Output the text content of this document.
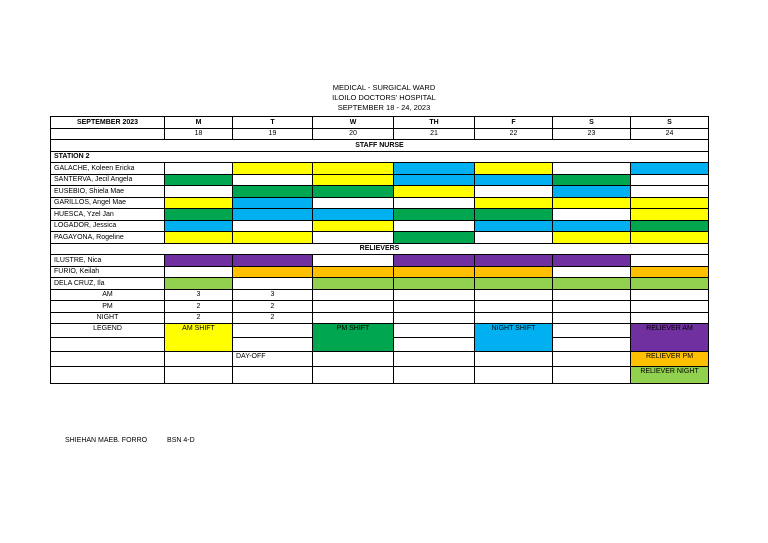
MEDICAL - SURGICAL WARD
ILOILO DOCTORS' HOSPITAL
SEPTEMBER 18 - 24, 2023
SEPTEMBER 2023	M	T	W	TH	F	S	S
	18	19	20	21	22	23	24
STAFF NURSE							
STATION 2							
GALACHE, Koleen Ericka							
SANTERVA, Jecil Angela							
EUSEBIO, Shiela Mae							
GARILLOS, Angel Mae							
HUESCA, Yzel Jan							
LOGADOR, Jessica							
PAGAYONA, Rogeline							
RELIEVERS							
ILUSTRE, Nica							
FURIO, Keilah							
DELA CRUZ, Ila							
AM	3	3					
PM	2	2					
NIGHT	2	2					
LEGEND	AM SHIFT		PM SHIFT		NIGHT SHIFT		RELIEVER AM

		DAY-OFF					RELIEVER PM
							RELIEVER NIGHT
SHIEHAN MAEB. FORRO	BSN 4-D
